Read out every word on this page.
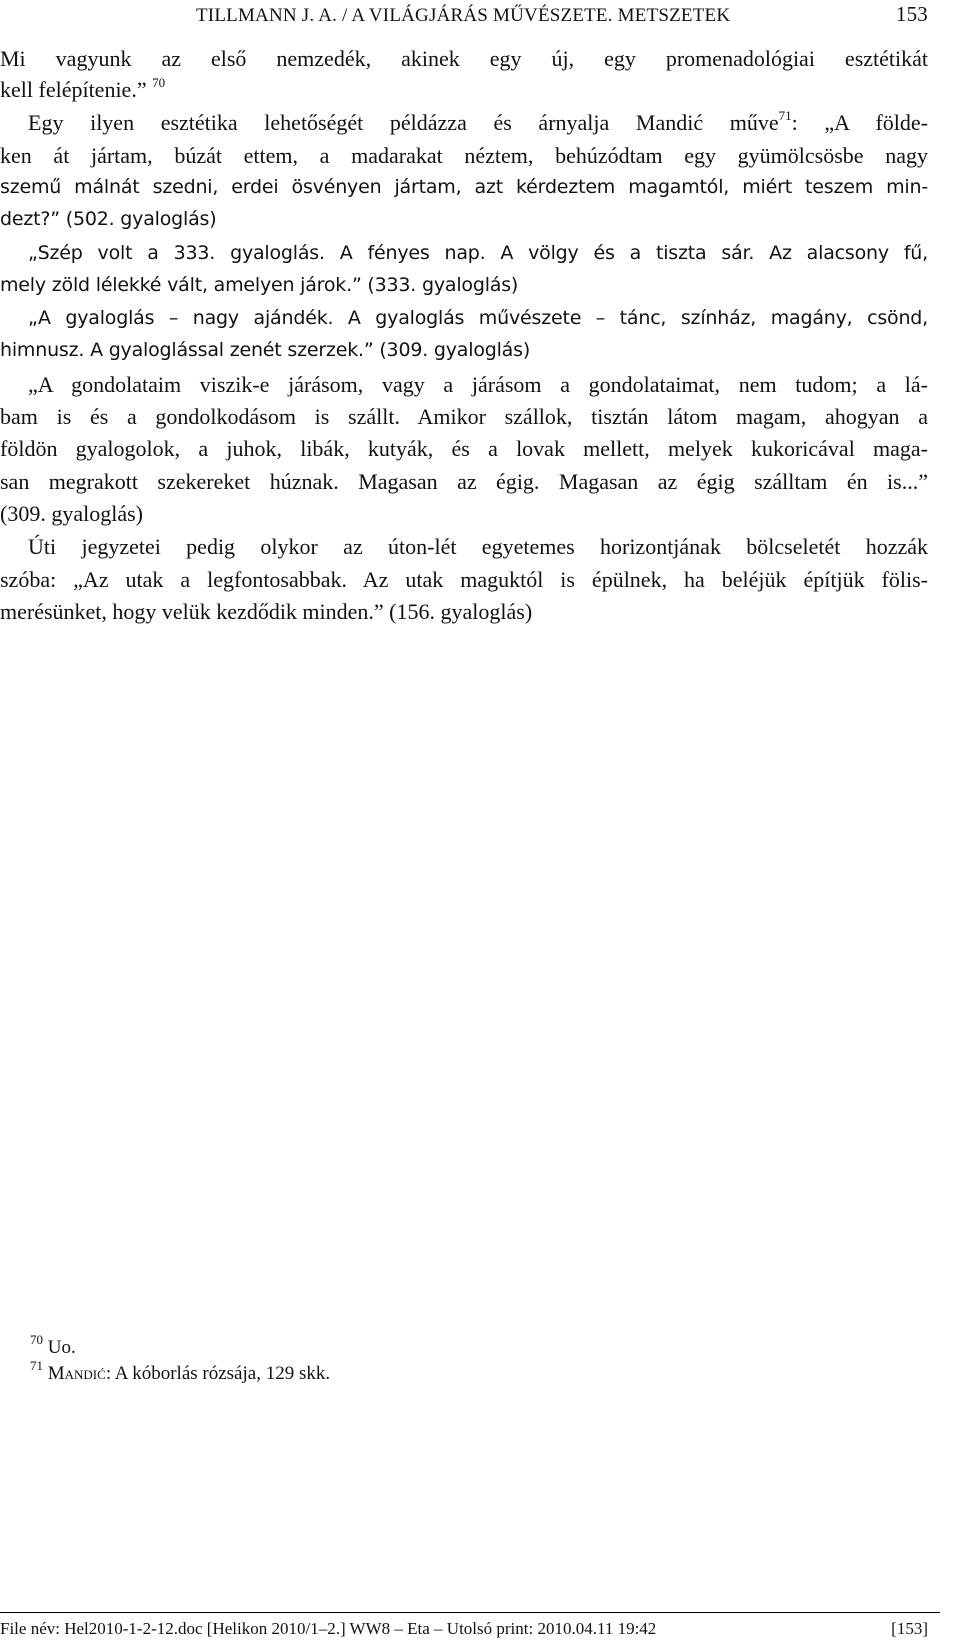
TILLMANN J. A. / A VILÁGJÁRÁS MŰVÉSZETE. METSZETEK	153
Mi vagyunk az első nemzedék, akinek egy új, egy promenadológiai esztétikát
kell felépítenie.” $^{70}$
Egy ilyen esztétika lehetőségét példázza és árnyalja Mandić műve$^{71}$: „A földe-
ken át jártam, búzát ettem, a madarakat néztem, behúzódtam egy gyümölcsösbe nagy
szemű málnát szedni, erdei ösvényen jártam, azt kérdeztem magamtól, miért teszem min-
dezt?” (502. gyaloglás)
„Szép volt a 333. gyaloglás. A fényes nap. A völgy és a tiszta sár. Az alacsony fű,
mely zöld lélekké vált, amelyen járok.” (333. gyaloglás)
„A gyaloglás – nagy ajándék. A gyaloglás művészete – tánc, színház, magány, csönd,
himnusz. A gyaloglással zenét szerzek.” (309. gyaloglás)
„A gondolataim viszik-e járásom, vagy a járásom a gondolataimat, nem tudom; a lá-
bam is és a gondolkodásom is szállt. Amikor szállok, tisztán látom magam, ahogyan a
földön gyalogolok, a juhok, libák, kutyák, és a lovak mellett, melyek kukoricával maga-
san megrakott szekereket húznak. Magasan az égig. Magasan az égig szálltam én is...”
(309. gyaloglás)
Úti jegyzetei pedig olykor az úton-lét egyetemes horizontjának bölcseletét hozzák
szóba: „Az utak a legfontosabbak. Az utak maguktól is épülnek, ha beléjük építjük fölis-
merésünket, hogy velük kezdődik minden.” (156. gyaloglás)
$^{70}$ Uo.
$^{71}$ Mandić: A kóborlás rózsája, 129 skk.
File név: Hel2010-1-2-12.doc [Helikon 2010/1–2.] WW8 – Eta – Utolsó print: 2010.04.11 19:42	[153]
